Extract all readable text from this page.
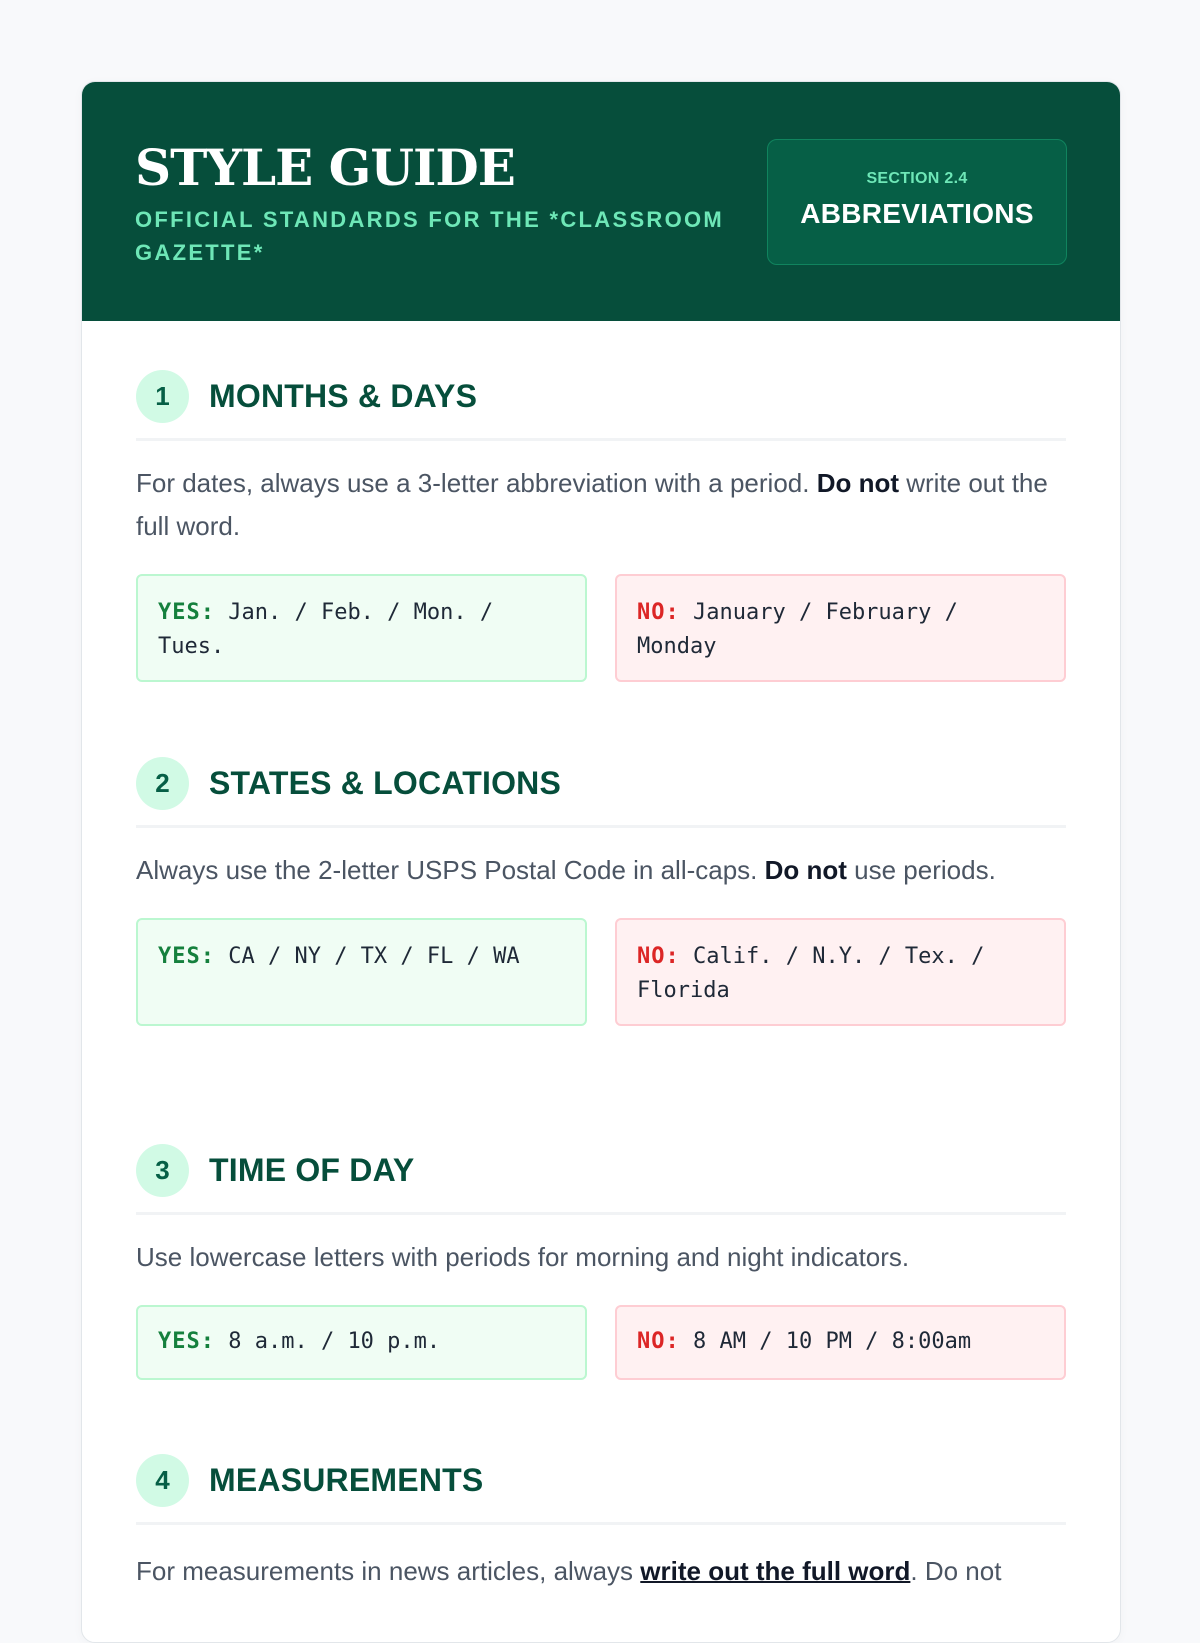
STYLE GUIDE
OFFICIAL STANDARDS FOR THE *CLASSROOM GAZETTE*
SECTION 2.4
ABBREVIATIONS
1	MONTHS & DAYS

For dates, always use a 3-letter abbreviation with a period. Do not write out the full word.

YES: Jan. / Feb. / Mon. / Tues.
NO: January / February / Monday
2	STATES & LOCATIONS

Always use the 2-letter USPS Postal Code in all-caps. Do not use periods.

YES: CA / NY / TX / FL / WA	NO: Calif. / N.Y. / Tex. / Florida
3	TIME OF DAY

Use lowercase letters with periods for morning and night indicators.

YES: 8 a.m. / 10 p.m.	NO: 8 AM / 10 PM / 8:00am
4	MEASUREMENTS

For measurements in news articles, always write out the full word. Do not
